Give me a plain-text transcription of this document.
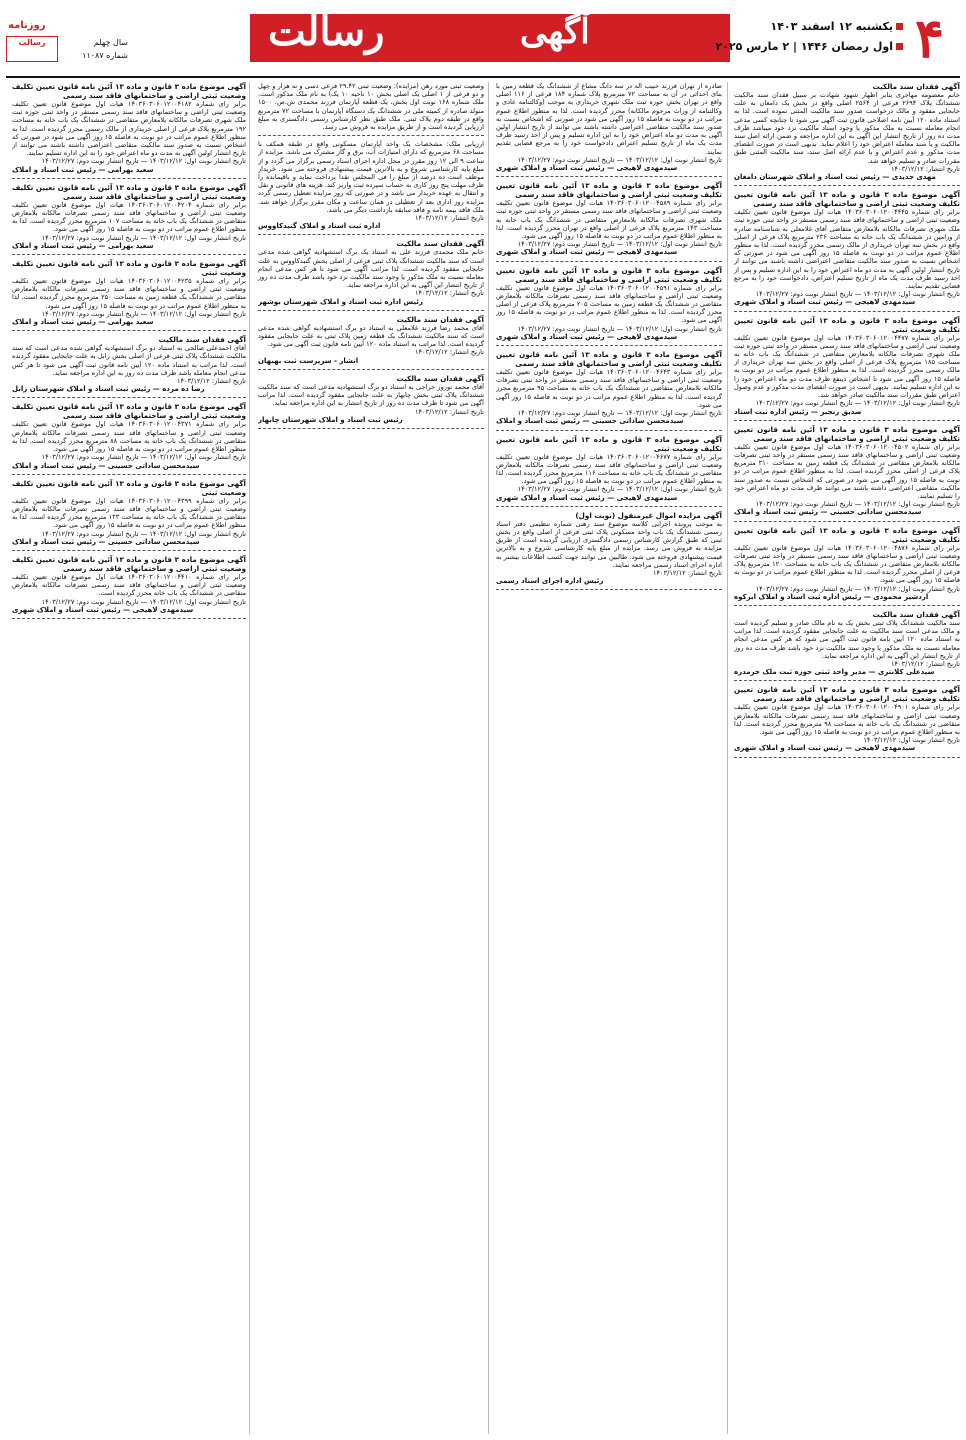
آگهی
رسالت	۴
یکشنبه ۱۲ اسفند ۱۴۰۳
اول رمضان ۱۴۴۶ | ۲ مارس ۲۰۲۵
روزنامه
رسالت	سال چهلم
شماره ۱۱۰۸۷
آگهی فقدان سند مالکیت
خانم معصومه مهاجری بنابر اظهار شهود شهادت بر سبیل فقدان سند مالکیت ششدانگ پلاک ۲۶۹۴ فرعی از ۲۵۶۴ اصلی واقع در بخش یک دامغان به علت جابجایی مفقود و مالک درخواست صدور سند مالکیت المثنی نموده است. لذا به استناد ماده ۱۲۰ آیین نامه اصلاحی قانون ثبت آگهی می شود تا چنانچه کسی مدعی انجام معامله نسبت به ملک مذکور یا وجود اسناد مالکیت نزد خود میباشد ظرف مدت ده روز از تاریخ انتشار این آگهی به این اداره مراجعه و ضمن ارائه اصل سند مالکیت و یا سند معامله اعتراض خود را اعلام نماید. بدیهی است در صورت انقضای مدت مذکور و عدم اعتراض و یا عدم ارائه اصل سند، سند مالکیت المثنی طبق مقررات صادر و تسلیم خواهد شد.
تاریخ انتشار: ۱۴۰۳/۱۲/۱۲
مهدی جدیدی — رئیس ثبت اسناد و املاک شهرستان دامغان
آگهی موضوع ماده ۳ قانون و ماده ۱۳ آئین نامه قانون تعیین تکلیف وضعیت ثبتی اراضی و ساختمانهای فاقد سند رسمی
برابر رای شماره ۱۴۰۳۶۰۳۰۶۰۱۲۰۰۴۴۴۵ هیات اول موضوع قانون تعیین تکلیف وضعیت ثبتی اراضی و ساختمانهای فاقد سند رسمی مستقر در واحد ثبتی حوزه ثبت ملک شهری تصرفات مالکانه بلامعارض متقاضی آقای غلامعلی به شناسنامه صادره از ورامین در ششدانگ یک باب خانه به مساحت ۲۳۶ مترمربع پلاک فرعی از اصلی واقع در بخش سه تهران خریداری از مالک رسمی محرز گردیده است. لذا به منظور اطلاع عموم مراتب در دو نوبت به فاصله ۱۵ روز آگهی می شود در صورتی که اشخاص نسبت به صدور سند مالکیت متقاضی اعتراضی داشته باشند می توانند از تاریخ انتشار اولین آگهی به مدت دو ماه اعتراض خود را به این اداره تسلیم و پس از اخذ رسید ظرف مدت یک ماه از تاریخ تسلیم اعتراض، دادخواست خود را به مرجع قضایی تقدیم نمایند.
تاریخ انتشار نوبت اول: ۱۴۰۳/۱۲/۱۲ — تاریخ انتشار نوبت دوم: ۱۴۰۳/۱۲/۲۷
سیدمهدی لاهیجی — رئیس ثبت اسناد و املاک شهری
آگهی موضوع ماده ۳ قانون و ماده ۱۳ آئین نامه قانون تعیین تکلیف وضعیت ثبتی
برابر رای شماره ۱۴۰۳۶۰۳۰۶۰۱۲۰۰۴۴۷۷ هیات اول موضوع قانون تعیین تکلیف وضعیت ثبتی اراضی و ساختمانهای فاقد سند رسمی مستقر در واحد ثبتی حوزه ثبت ملک شهری تصرفات مالکانه بلامعارض متقاضی در ششدانگ یک باب خانه به مساحت ۱۸۵ مترمربع پلاک فرعی از اصلی واقع در بخش سه تهران خریداری از مالک رسمی محرز گردیده است. لذا به منظور اطلاع عموم مراتب در دو نوبت به فاصله ۱۵ روز آگهی می شود تا اشخاص ذینفع ظرف مدت دو ماه اعتراض خود را به این اداره تسلیم نمایند. بدیهی است در صورت انقضای مدت مذکور و عدم وصول اعتراض طبق مقررات سند مالکیت صادر خواهد شد.
تاریخ انتشار نوبت اول: ۱۴۰۳/۱۲/۱۲ — تاریخ انتشار نوبت دوم: ۱۴۰۳/۱۲/۲۷
صدیق رنجبر — رئیس اداره ثبت اسناد
آگهی موضوع ماده ۳ قانون و ماده ۱۳ آئین نامه قانون تعیین تکلیف وضعیت ثبتی اراضی و ساختمانهای فاقد سند رسمی
برابر رای شماره ۱۴۰۳۶۰۳۰۶۰۱۲۰۰۴۵۰۲ هیات اول موضوع قانون تعیین تکلیف وضعیت ثبتی اراضی و ساختمانهای فاقد سند رسمی مستقر در واحد ثبتی تصرفات مالکانه بلامعارض متقاضی در ششدانگ یک قطعه زمین به مساحت ۳۱۰ مترمربع پلاک فرعی از اصلی محرز گردیده است. لذا به منظور اطلاع عموم مراتب در دو نوبت به فاصله ۱۵ روز آگهی می شود در صورتی که اشخاص نسبت به صدور سند مالکیت متقاضی اعتراضی داشته باشند می توانند ظرف مدت دو ماه اعتراض خود را تسلیم نمایند.
تاریخ انتشار نوبت اول: ۱۴۰۳/۱۲/۱۲ — تاریخ انتشار نوبت دوم: ۱۴۰۳/۱۲/۲۷
سیدمحسن ساداتی حسینی — رئیس ثبت اسناد و املاک
آگهی موضوع ماده ۳ قانون و ماده ۱۳ آئین نامه قانون تعیین تکلیف وضعیت ثبتی
برابر رای شماره ۱۴۰۳۶۰۳۰۶۰۱۲۰۰۴۸۷۶ هیات اول موضوع قانون تعیین تکلیف وضعیت ثبتی اراضی و ساختمانهای فاقد سند رسمی مستقر در واحد ثبتی تصرفات مالکانه بلامعارض متقاضی در ششدانگ یک باب خانه به مساحت ۱۲۰ مترمربع پلاک فرعی از اصلی محرز گردیده است. لذا به منظور اطلاع عموم مراتب در دو نوبت به فاصله ۱۵ روز آگهی می شود.
تاریخ انتشار نوبت اول: ۱۴۰۳/۱۲/۱۲ — تاریخ انتشار نوبت دوم: ۱۴۰۳/۱۲/۲۷
اردشیر محمودی — رئیس اداره ثبت اسناد و املاک ابرکوه
آگهی فقدان سند مالکیت
سند مالکیت ششدانگ پلاک ثبتی بخش یک به نام مالک صادر و تسلیم گردیده است و مالک مدعی است سند مالکیت به علت جابجایی مفقود گردیده است. لذا مراتب به استناد ماده ۱۲۰ آیین نامه قانون ثبت آگهی می شود که هر کس مدعی انجام معامله نسبت به ملک مذکور یا وجود سند مالکیت نزد خود باشد ظرف مدت ده روز از تاریخ انتشار این آگهی به این اداره مراجعه نماید.
تاریخ انتشار: ۱۴۰۳/۱۲/۱۲
سیدعلی کلانتری — مدیر واحد ثبتی حوزه ثبت ملک خرمدره
آگهی موضوع ماده ۳ قانون و ماده ۱۳ آئین نامه قانون تعیین تکلیف وضعیت ثبتی اراضی و ساختمانهای فاقد سند رسمی
برابر رای شماره ۱۴۰۳۶۰۳۰۶۰۱۲۰۰۴۹۰۱ هیات اول موضوع قانون تعیین تکلیف وضعیت ثبتی اراضی و ساختمانهای فاقد سند رسمی تصرفات مالکانه بلامعارض متقاضی در ششدانگ یک باب خانه به مساحت ۹۸ مترمربع محرز گردیده است. لذا به منظور اطلاع عموم مراتب در دو نوبت به فاصله ۱۵ روز آگهی می شود.
تاریخ انتشار نوبت اول: ۱۴۰۳/۱۲/۱۲
سیدمهدی لاهیجی — رئیس ثبت اسناد و املاک شهری
صادره از تهران فرزند حبیب اله در سه دانگ مشاع از ششدانگ یک قطعه زمین با بنای احداثی در آن به مساحت ۷۲ مترمربع پلاک شماره ۱۸۴ فرعی از ۱۱۶ اصلی واقع در تهران بخش حوزه ثبت ملک شهری خریداری به موجب (وکالتنامه عادی و وکالتنامه از وراث مرحوم مالکانه) محرز گردیده است. لذا به منظور اطلاع عموم مراتب در دو نوبت به فاصله ۱۵ روز آگهی می شود در صورتی که اشخاص نسبت به صدور سند مالکیت متقاضی اعتراضی داشته باشند می توانند از تاریخ انتشار اولین آگهی به مدت دو ماه اعتراض خود را به این اداره تسلیم و پس از اخذ رسید ظرف مدت یک ماه از تاریخ تسلیم اعتراض دادخواست خود را به مرجع قضایی تقدیم نمایند.
تاریخ انتشار نوبت اول: ۱۴۰۳/۱۲/۱۲ — تاریخ انتشار نوبت دوم: ۱۴۰۳/۱۲/۲۷
سیدمهدی لاهیجی — رئیس ثبت اسناد و املاک شهری
آگهی موضوع ماده ۳ قانون و ماده ۱۳ آئین نامه قانون تعیین تکلیف وضعیت ثبتی اراضی و ساختمانهای فاقد سند رسمی
برابر رای شماره ۱۴۰۳۶۰۳۰۶۰۱۲۰۰۴۵۸۹ هیات اول موضوع قانون تعیین تکلیف وضعیت ثبتی اراضی و ساختمانهای فاقد سند رسمی مستقر در واحد ثبتی حوزه ثبت ملک شهری تصرفات مالکانه بلامعارض متقاضی در ششدانگ یک باب خانه به مساحت ۱۴۳ مترمربع پلاک فرعی از اصلی واقع در تهران محرز گردیده است. لذا به منظور اطلاع عموم مراتب در دو نوبت به فاصله ۱۵ روز آگهی می شود.
تاریخ انتشار نوبت اول: ۱۴۰۳/۱۲/۱۲ — تاریخ انتشار نوبت دوم: ۱۴۰۳/۱۲/۲۷
سیدمهدی لاهیجی — رئیس ثبت اسناد و املاک شهری
آگهی موضوع ماده ۳ قانون و ماده ۱۳ آئین نامه قانون تعیین تکلیف وضعیت ثبتی اراضی و ساختمانهای فاقد سند رسمی
برابر رای شماره ۱۴۰۳۶۰۳۰۶۰۱۲۰۰۴۵۹۱ هیات اول موضوع قانون تعیین تکلیف وضعیت ثبتی اراضی و ساختمانهای فاقد سند رسمی تصرفات مالکانه بلامعارض متقاضی در ششدانگ یک قطعه زمین به مساحت ۲۰۵ مترمربع پلاک فرعی از اصلی محرز گردیده است. لذا به منظور اطلاع عموم مراتب در دو نوبت به فاصله ۱۵ روز آگهی می شود.
تاریخ انتشار نوبت اول: ۱۴۰۳/۱۲/۱۲ — تاریخ انتشار نوبت دوم: ۱۴۰۳/۱۲/۲۷
سیدمهدی لاهیجی — رئیس ثبت اسناد و املاک شهری
آگهی موضوع ماده ۳ قانون و ماده ۱۳ آئین نامه قانون تعیین تکلیف وضعیت ثبتی اراضی و ساختمانهای فاقد سند رسمی
برابر رای شماره ۱۴۰۳۶۰۳۰۶۰۱۲۰۰۴۶۴۳ هیات اول موضوع قانون تعیین تکلیف وضعیت ثبتی اراضی و ساختمانهای فاقد سند رسمی مستقر در واحد ثبتی تصرفات مالکانه بلامعارض متقاضی در ششدانگ یک باب خانه به مساحت ۹۵ مترمربع محرز گردیده است. لذا به منظور اطلاع عموم مراتب در دو نوبت به فاصله ۱۵ روز آگهی می شود.
تاریخ انتشار نوبت اول: ۱۴۰۳/۱۲/۱۲ — تاریخ انتشار نوبت دوم: ۱۴۰۳/۱۲/۲۷
سیدمحسن ساداتی حسینی — رئیس ثبت اسناد و املاک
آگهی موضوع ماده ۳ قانون و ماده ۱۳ آئین نامه قانون تعیین تکلیف وضعیت ثبتی
برابر رای شماره ۱۴۰۳۶۰۳۰۶۰۱۲۰۰۴۶۷۷ هیات اول موضوع قانون تعیین تکلیف وضعیت ثبتی اراضی و ساختمانهای فاقد سند رسمی تصرفات مالکانه بلامعارض متقاضی در ششدانگ یک باب خانه به مساحت ۱۱۶ مترمربع محرز گردیده است. لذا به منظور اطلاع عموم مراتب در دو نوبت به فاصله ۱۵ روز آگهی می شود.
تاریخ انتشار نوبت اول: ۱۴۰۳/۱۲/۱۲ — تاریخ انتشار نوبت دوم: ۱۴۰۳/۱۲/۲۷
سیدمهدی لاهیجی — رئیس ثبت اسناد و املاک شهری
آگهی مزایده اموال غیرمنقول (نوبت اول)
به موجب پرونده اجرایی کلاسه موضوع سند رهنی شماره تنظیمی دفتر اسناد رسمی ششدانگ یک باب واحد مسکونی پلاک ثبتی فرعی از اصلی واقع در بخش ثبتی که طبق گزارش کارشناس رسمی دادگستری ارزیابی گردیده است از طریق مزایده به فروش می رسد. مزایده از مبلغ پایه کارشناسی شروع و به بالاترین قیمت پیشنهادی فروخته می شود. طالبین می توانند جهت کسب اطلاعات بیشتر به اداره اجرای اسناد رسمی مراجعه نمایند.
تاریخ انتشار: ۱۴۰۳/۱۲/۱۲
رئیس اداره اجرای اسناد رسمی
وضعیت ثبتی مورد رهن (مزایده): وضعیت ثبتی ۲۹.۴۲ فرعی دسی و نه هزار و چهل و دو فرعی از ۱ اصلی یک اصلی بخش ۱۰ ناحیه ۱۰ یک) به نام ملک مذکور است. ملک شماره ۱۶۸ نوبت اول بخش، یک قطعه آپارتمان فرزند محمدی ش.ص. ۱۵۰۰ متولد صادره از کمیته ملی در ششدانگ یک دستگاه آپارتمان با مساحت ۷۲ مترمربع واقع در طبقه دوم پلاک ثبتی. ملک طبق نظر کارشناس رسمی دادگستری به مبلغ ارزیابی گردیده است و از طریق مزایده به فروش می رسد.
ارزیابی ملک: مشخصات یک واحد آپارتمان مسکونی واقع در طبقه همکف با مساحت ۶۸ مترمربع که دارای امتیازات آب، برق و گاز مشترک می باشد. مزایده از ساعت ۹ الی ۱۲ روز مقرر در محل اداره اجرای اسناد رسمی برگزار می گردد و از مبلغ پایه کارشناسی شروع و به بالاترین قیمت پیشنهادی فروخته می شود. خریدار موظف است ده درصد از مبلغ را فی المجلس نقدا پرداخت نماید و باقیمانده را ظرف مهلت پنج روز کاری به حساب سپرده ثبت واریز کند. هزینه های قانونی و نقل و انتقال به عهده خریدار می باشد و در صورتی که روز مزایده تعطیل رسمی گردد مزایده روز اداری بعد از تعطیلی در همان ساعت و مکان مقرر برگزار خواهد شد. ملک فاقد بیمه نامه و فاقد سابقه بازداشت دیگر می باشد.
تاریخ انتشار: ۱۴۰۳/۱۲/۱۲
اداره ثبت اسناد و املاک گنبدکاووس
آگهی فقدان سند مالکیت
خانم ملک محمدی فرزند علی به استناد یک برگ استشهادیه گواهی شده مدعی است که سند مالکیت ششدانگ پلاک ثبتی فرعی از اصلی بخش گنبدکاووس به علت جابجایی مفقود گردیده است. لذا مراتب آگهی می شود تا هر کس مدعی انجام معامله نسبت به ملک مذکور یا وجود سند مالکیت نزد خود باشد ظرف مدت ده روز از تاریخ انتشار این آگهی به این اداره مراجعه نماید.
تاریخ انتشار: ۱۴۰۳/۱۲/۱۲
رئیس اداره ثبت اسناد و املاک شهرستان بوشهر
آگهی فقدان سند مالکیت
آقای محمد رضا فرزند غلامعلی به استناد دو برگ استشهادیه گواهی شده مدعی است که سند مالکیت ششدانگ یک قطعه زمین پلاک ثبتی به علت جابجایی مفقود گردیده است. لذا مراتب به استناد ماده ۱۲۰ آیین نامه قانون ثبت آگهی می شود.
تاریخ انتشار: ۱۴۰۳/۱۲/۱۲
انشار - سرپرست ثبت بهبهان
آگهی فقدان سند مالکیت
آقای محمد نوروز خراجی به استناد دو برگ استشهادیه مدعی است که سند مالکیت ششدانگ پلاک ثبتی بخش چابهار به علت جابجایی مفقود گردیده است. لذا مراتب آگهی می شود تا ظرف مدت ده روز از تاریخ انتشار به این اداره مراجعه نماید.
تاریخ انتشار: ۱۴۰۳/۱۲/۱۲
رئیس ثبت اسناد و املاک شهرستان چابهار
آگهی موضوع ماده ۳ قانون و ماده ۱۳ آئین نامه قانون تعیین تکلیف وضعیت ثبتی اراضی و ساختمانهای فاقد سند رسمی
برابر رای شماره ۱۴۰۳۶۰۳۰۶۰۱۲۰۰۴۱۸۲ هیات اول موضوع قانون تعیین تکلیف وضعیت ثبتی اراضی و ساختمانهای فاقد سند رسمی مستقر در واحد ثبتی حوزه ثبت ملک شهری تصرفات مالکانه بلامعارض متقاضی در ششدانگ یک باب خانه به مساحت ۱۹۲ مترمربع پلاک فرعی از اصلی خریداری از مالک رسمی محرز گردیده است. لذا به منظور اطلاع عموم مراتب در دو نوبت به فاصله ۱۵ روز آگهی می شود در صورتی که اشخاص نسبت به صدور سند مالکیت متقاضی اعتراضی داشته باشند می توانند از تاریخ انتشار اولین آگهی به مدت دو ماه اعتراض خود را به این اداره تسلیم نمایند.
تاریخ انتشار نوبت اول: ۱۴۰۳/۱۲/۱۲ — تاریخ انتشار نوبت دوم: ۱۴۰۳/۱۲/۲۷
سعید بهرامی — رئیس ثبت اسناد و املاک
آگهی موضوع ماده ۳ قانون و ماده ۱۳ آئین نامه قانون تعیین تکلیف وضعیت ثبتی اراضی و ساختمانهای فاقد سند رسمی
برابر رای شماره ۱۴۰۳۶۰۳۰۶۰۱۲۰۰۴۲۰۴ هیات اول موضوع قانون تعیین تکلیف وضعیت ثبتی اراضی و ساختمانهای فاقد سند رسمی تصرفات مالکانه بلامعارض متقاضی در ششدانگ یک باب خانه به مساحت ۱۰۷ مترمربع محرز گردیده است. لذا به منظور اطلاع عموم مراتب در دو نوبت به فاصله ۱۵ روز آگهی می شود.
تاریخ انتشار نوبت اول: ۱۴۰۳/۱۲/۱۲ — تاریخ انتشار نوبت دوم: ۱۴۰۳/۱۲/۲۷
سعید بهرامی — رئیس ثبت اسناد و املاک
آگهی موضوع ماده ۳ قانون و ماده ۱۳ آئین نامه قانون تعیین تکلیف وضعیت ثبتی
برابر رای شماره ۱۴۰۳۶۰۳۰۶۰۱۲۰۰۴۲۳۵ هیات اول موضوع قانون تعیین تکلیف وضعیت ثبتی اراضی و ساختمانهای فاقد سند رسمی تصرفات مالکانه بلامعارض متقاضی در ششدانگ یک قطعه زمین به مساحت ۲۵۰ مترمربع محرز گردیده است. لذا به منظور اطلاع عموم مراتب در دو نوبت به فاصله ۱۵ روز آگهی می شود.
تاریخ انتشار نوبت اول: ۱۴۰۳/۱۲/۱۲ — تاریخ انتشار نوبت دوم: ۱۴۰۳/۱۲/۲۷
سعید بهرامی — رئیس ثبت اسناد و املاک
آگهی فقدان سند مالکیت
آقای احمدعلی صالحی به استناد دو برگ استشهادیه گواهی شده مدعی است که سند مالکیت ششدانگ پلاک ثبتی فرعی از اصلی بخش زابل به علت جابجایی مفقود گردیده است. لذا مراتب به استناد ماده ۱۲۰ آیین نامه قانون ثبت آگهی می شود تا هر کس مدعی انجام معامله باشد ظرف مدت ده روز به این اداره مراجعه نماید.
تاریخ انتشار: ۱۴۰۳/۱۲/۱۲
رضا ده مرده — رئیس ثبت اسناد و املاک شهرستان زابل
آگهی موضوع ماده ۳ قانون و ماده ۱۳ آئین نامه قانون تعیین تکلیف وضعیت ثبتی اراضی و ساختمانهای فاقد سند رسمی
برابر رای شماره ۱۴۰۳۶۰۳۰۶۰۱۲۰۰۴۳۷۱ هیات اول موضوع قانون تعیین تکلیف وضعیت ثبتی اراضی و ساختمانهای فاقد سند رسمی تصرفات مالکانه بلامعارض متقاضی در ششدانگ یک باب خانه به مساحت ۸۸ مترمربع محرز گردیده است. لذا به منظور اطلاع عموم مراتب در دو نوبت به فاصله ۱۵ روز آگهی می شود.
تاریخ انتشار نوبت اول: ۱۴۰۳/۱۲/۱۲ — تاریخ انتشار نوبت دوم: ۱۴۰۳/۱۲/۲۷
سیدمحسن ساداتی حسینی — رئیس ثبت اسناد و املاک
آگهی موضوع ماده ۳ قانون و ماده ۱۳ آئین نامه قانون تعیین تکلیف وضعیت ثبتی
برابر رای شماره ۱۴۰۳۶۰۳۰۶۰۱۲۰۰۴۳۹۹ هیات اول موضوع قانون تعیین تکلیف وضعیت ثبتی اراضی و ساختمانهای فاقد سند رسمی تصرفات مالکانه بلامعارض متقاضی در ششدانگ یک باب خانه به مساحت ۱۳۳ مترمربع محرز گردیده است. لذا به منظور اطلاع عموم مراتب در دو نوبت به فاصله ۱۵ روز آگهی می شود.
تاریخ انتشار نوبت اول: ۱۴۰۳/۱۲/۱۲ — تاریخ انتشار نوبت دوم: ۱۴۰۳/۱۲/۲۷
سیدمحسن ساداتی حسینی — رئیس ثبت اسناد و املاک
آگهی موضوع ماده ۳ قانون و ماده ۱۳ آئین نامه قانون تعیین تکلیف وضعیت ثبتی اراضی و ساختمانهای فاقد سند رسمی
برابر رای شماره ۱۴۰۳۶۰۳۰۶۰۱۲۰۰۴۴۱۰ هیات اول موضوع قانون تعیین تکلیف وضعیت ثبتی اراضی و ساختمانهای فاقد سند رسمی تصرفات مالکانه بلامعارض متقاضی در ششدانگ یک باب خانه محرز گردیده است.
تاریخ انتشار نوبت اول: ۱۴۰۳/۱۲/۱۲ — تاریخ انتشار نوبت دوم: ۱۴۰۳/۱۲/۲۷
سیدمهدی لاهیجی — رئیس ثبت اسناد و املاک شهری
